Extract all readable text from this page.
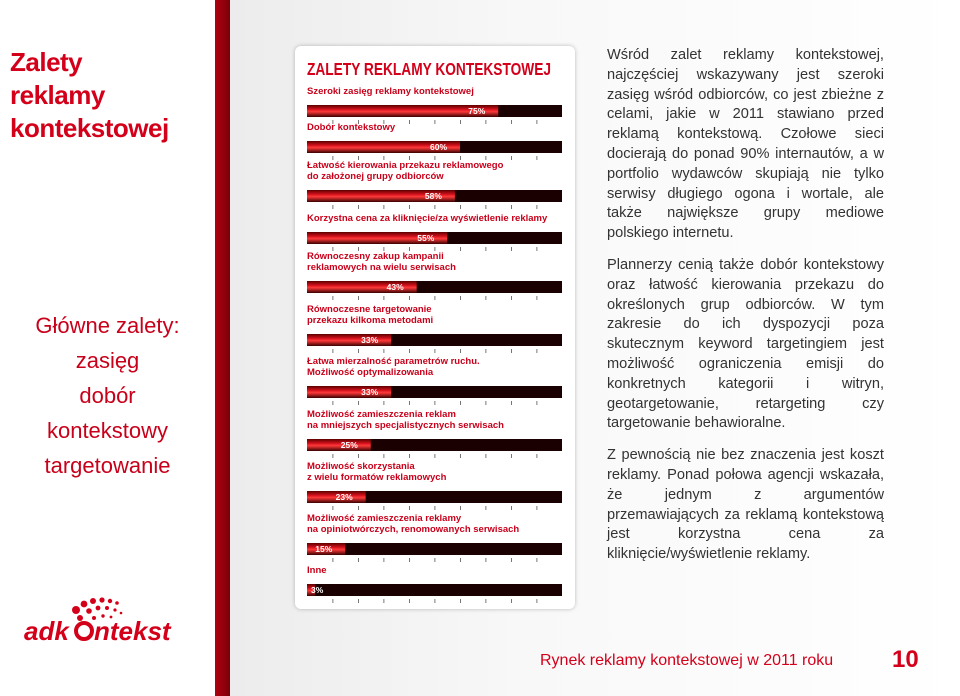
Zalety
reklamy
kontekstowej
Główne zalety:
zasięg
dobór
kontekstowy
targetowanie
adk ntekst
ZALETY REKLAMY KONTEKSTOWEJ
Szeroki zasięg reklamy kontekstowej
75%
Dobór kontekstowy
60%
Łatwość kierowania przekazu reklamowego
do założonej grupy odbiorców
58%
Korzystna cena za kliknięcie/za wyświetlenie reklamy
55%
Równoczesny zakup kampanii
reklamowych na wielu serwisach
43%
Równoczesne targetowanie
przekazu kilkoma metodami
33%
Łatwa mierzalność parametrów ruchu.
Możliwość optymalizowania
33%
Możliwość zamieszczenia reklam
na mniejszych specjalistycznych serwisach
25%
Możliwość skorzystania
z wielu formatów reklamowych
23%
Możliwość zamieszczenia reklamy
na opiniotwórczych, renomowanych serwisach
15%
Inne
3%

Wśród zalet reklamy kontekstowej, najczęściej wskazywany jest szeroki zasięg wśród odbiorców, co jest zbieżne z celami, jakie w 2011 stawiano przed reklamą kontekstową. Czołowe sieci docierają do ponad 90% internautów, a w portfolio wydawców skupiają nie tylko serwisy długiego ogona i wortale, ale także największe grupy mediowe polskiego internetu.

Plannerzy cenią także dobór kontekstowy oraz łatwość kierowania przekazu do określonych grup odbiorców. W tym zakresie do ich dyspozycji poza skutecznym keyword targetingiem jest możliwość ograniczenia emisji do konkretnych kategorii i witryn, geotargetowanie, retargeting czy targetowanie behawioralne.

Z pewnością nie bez znaczenia jest koszt reklamy. Ponad połowa agencji wskazała, że jednym z argumentów przemawiających za reklamą kontekstową jest korzystna cena za kliknięcie/wyświetlenie reklamy.

Rynek reklamy kontekstowej w 2011 roku 10
